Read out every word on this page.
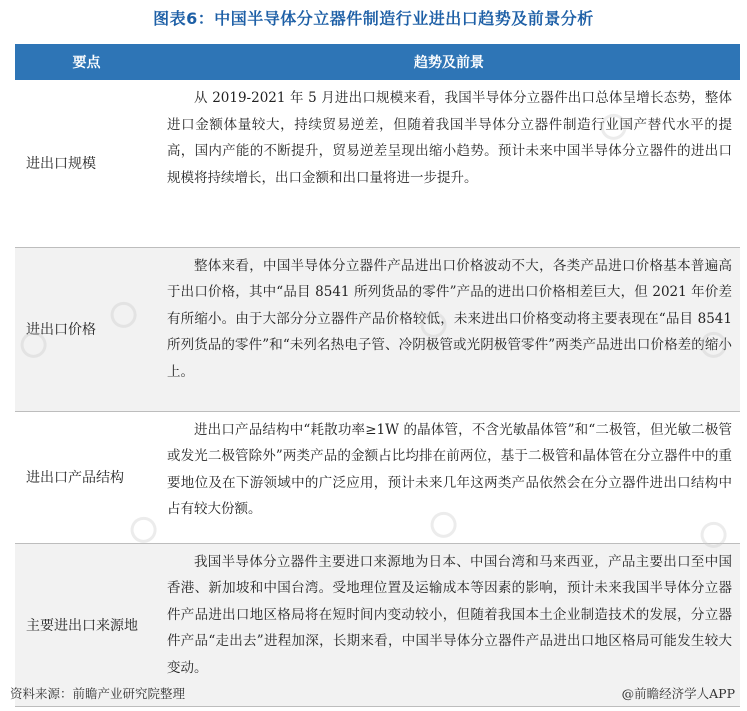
图表6：中国半导体分立器件制造行业进出口趋势及前景分析
要点	趋势及前景
进出口规模	从 2019-2021 年 5 月进出口规模来看，我国半导体分立器件出口总体呈增长态势，整体进口金额体量较大，持续贸易逆差，但随着我国半导体分立器件制造行业国产替代水平的提高，国内产能的不断提升，贸易逆差呈现出缩小趋势。预计未来中国半导体分立器件的进出口规模将持续增长，出口金额和出口量将进一步提升。
进出口价格	整体来看，中国半导体分立器件产品进出口价格波动不大，各类产品进口价格基本普遍高于出口价格，其中“品目 8541 所列货品的零件”产品的进出口价格相差巨大，但 2021 年价差有所缩小。由于大部分分立器件产品价格较低，未来进出口价格变动将主要表现在“品目 8541 所列货品的零件”和“未列名热电子管、冷阴极管或光阴极管零件”两类产品进出口价格差的缩小上。
进出口产品结构	进出口产品结构中“耗散功率≥1W 的晶体管，不含光敏晶体管”和“二极管，但光敏二极管或发光二极管除外”两类产品的金额占比均排在前两位，基于二极管和晶体管在分立器件中的重要地位及在下游领域中的广泛应用，预计未来几年这两类产品依然会在分立器件进出口结构中占有较大份额。
主要进出口来源地	我国半导体分立器件主要进口来源地为日本、中国台湾和马来西亚，产品主要出口至中国香港、新加坡和中国台湾。受地理位置及运输成本等因素的影响，预计未来我国半导体分立器件产品进出口地区格局将在短时间内变动较小，但随着我国本土企业制造技术的发展，分立器件产品“走出去”进程加深，长期来看，中国半导体分立器件产品进出口地区格局可能发生较大变动。
资料来源：前瞻产业研究院整理	@前瞻经济学人APP
